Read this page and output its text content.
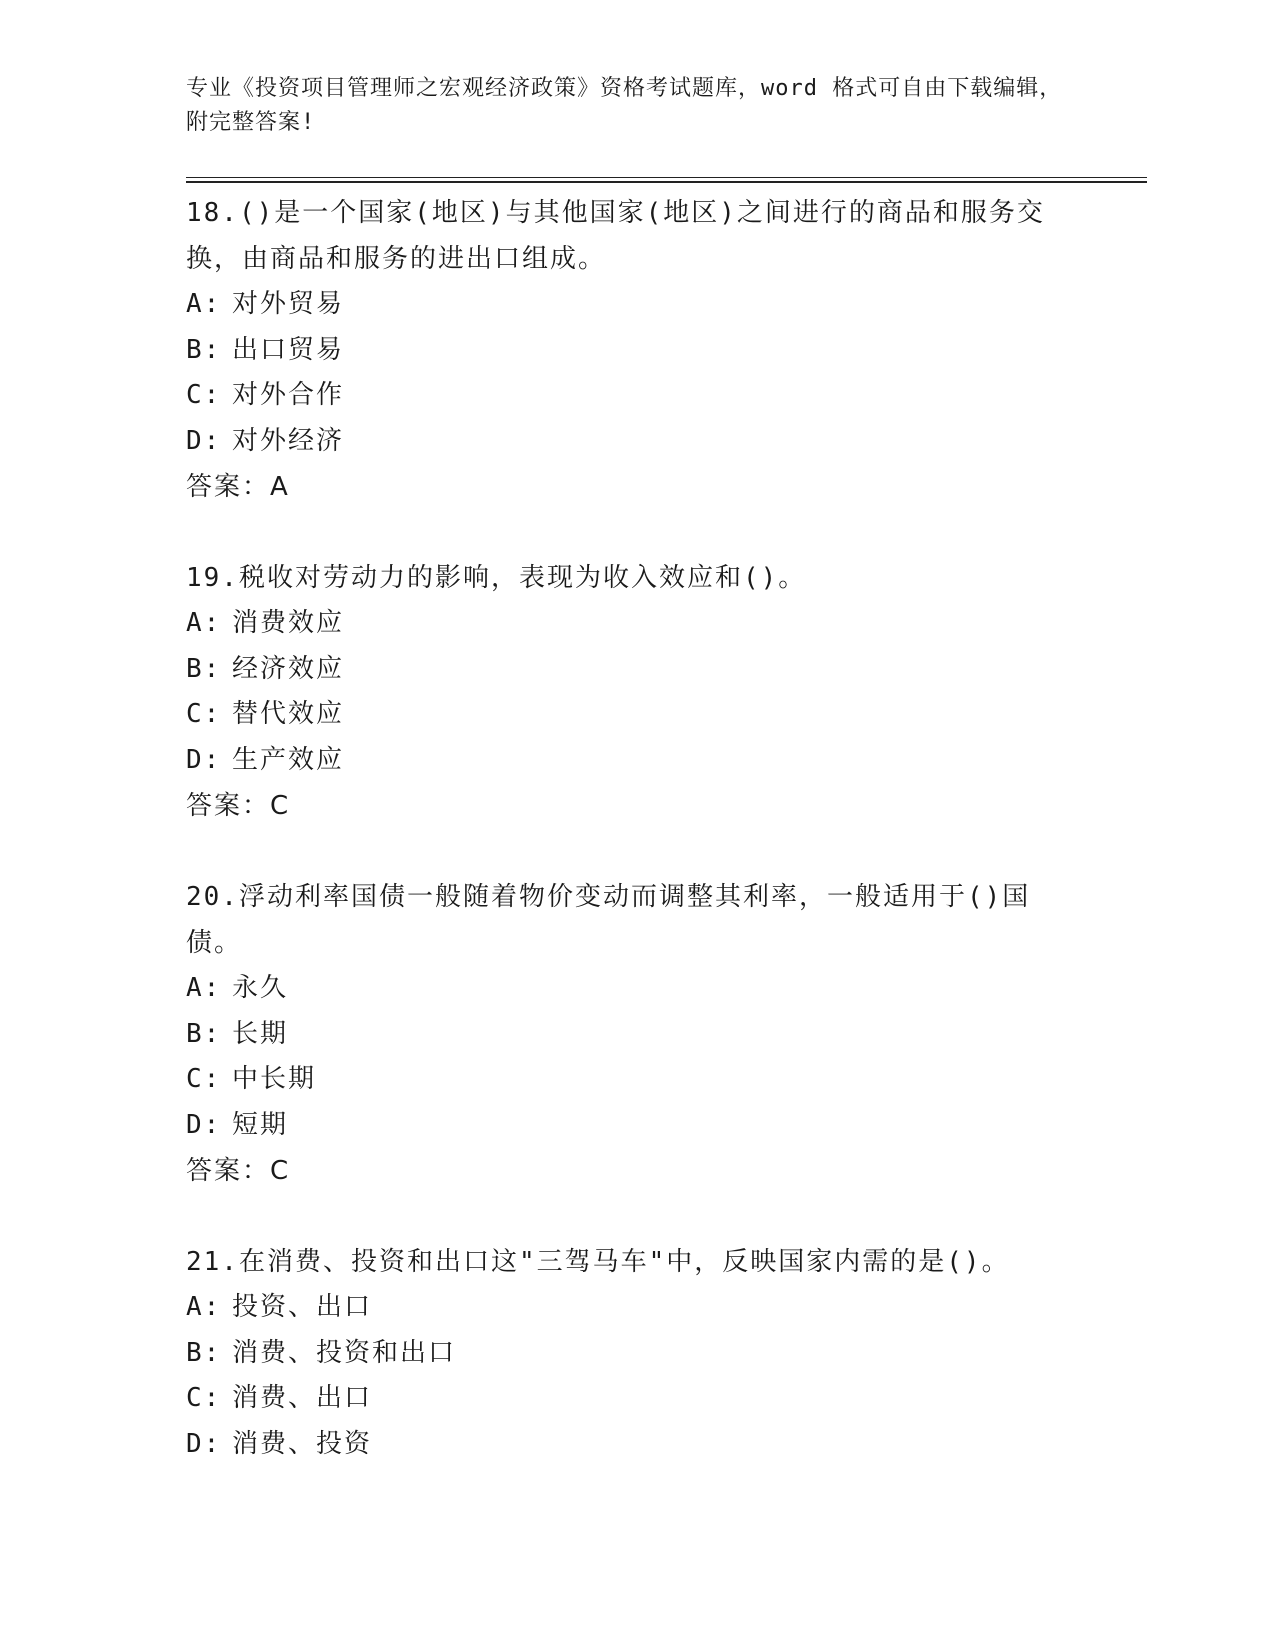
专业《投资项目管理师之宏观经济政策》资格考试题库，word 格式可自由下载编辑，附完整答案!
18.()是一个国家(地区)与其他国家(地区)之间进行的商品和服务交换，由商品和服务的进出口组成。
A: 对外贸易
B: 出口贸易
C: 对外合作
D: 对外经济
答案：A
19.税收对劳动力的影响，表现为收入效应和()。
A: 消费效应
B: 经济效应
C: 替代效应
D: 生产效应
答案：C
20.浮动利率国债一般随着物价变动而调整其利率，一般适用于()国债。
A: 永久
B: 长期
C: 中长期
D: 短期
答案：C
21.在消费、投资和出口这"三驾马车"中，反映国家内需的是()。
A: 投资、出口
B: 消费、投资和出口
C: 消费、出口
D: 消费、投资
